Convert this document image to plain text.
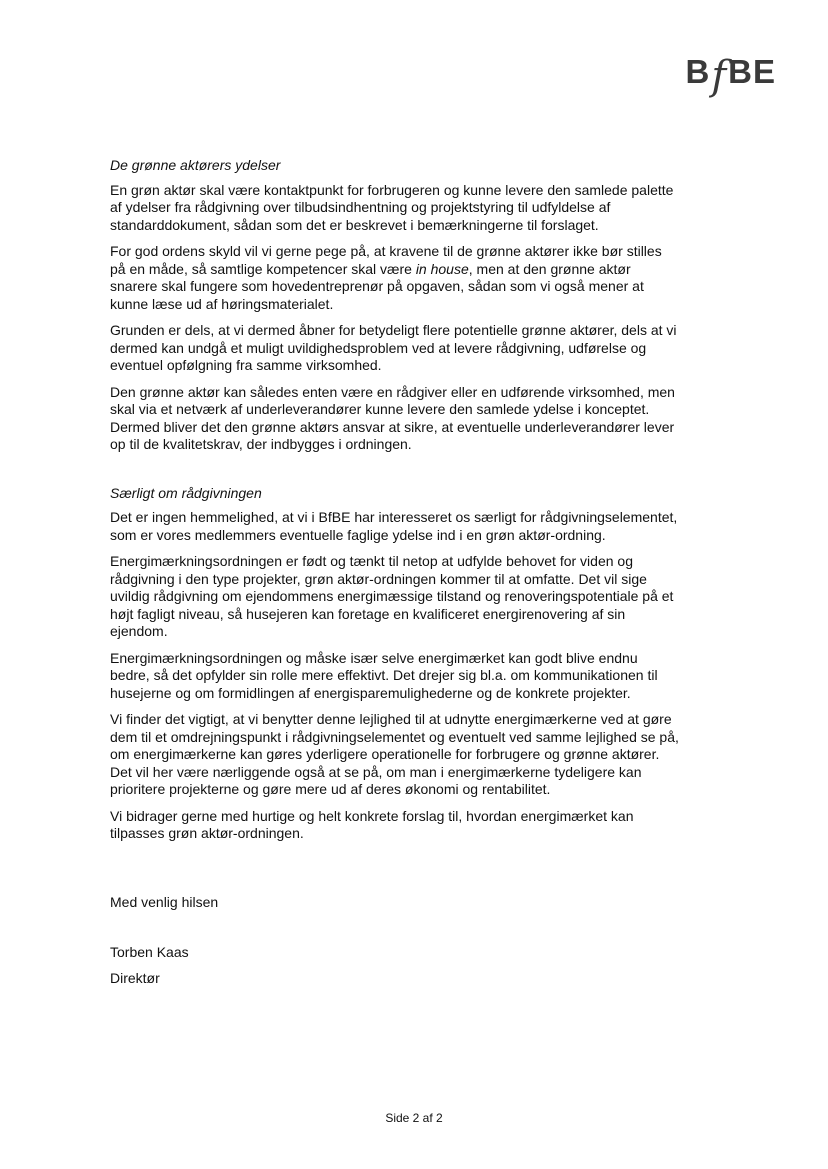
BfBE

De grønne aktørers ydelser

En grøn aktør skal være kontaktpunkt for forbrugeren og kunne levere den samlede palette af ydelser fra rådgivning over tilbudsindhentning og projektstyring til udfyldelse af standarddokument, sådan som det er beskrevet i bemærkningerne til forslaget.

For god ordens skyld vil vi gerne pege på, at kravene til de grønne aktører ikke bør stilles på en måde, så samtlige kompetencer skal være in house, men at den grønne aktør snarere skal fungere som hovedentreprenør på opgaven, sådan som vi også mener at kunne læse ud af høringsmaterialet.

Grunden er dels, at vi dermed åbner for betydeligt flere potentielle grønne aktører, dels at vi dermed kan undgå et muligt uvildighedsproblem ved at levere rådgivning, udførelse og eventuel opfølgning fra samme virksomhed.

Den grønne aktør kan således enten være en rådgiver eller en udførende virksomhed, men skal via et netværk af underleverandører kunne levere den samlede ydelse i konceptet. Dermed bliver det den grønne aktørs ansvar at sikre, at eventuelle underleverandører lever op til de kvalitetskrav, der indbygges i ordningen.

Særligt om rådgivningen

Det er ingen hemmelighed, at vi i BfBE har interesseret os særligt for rådgivningselementet, som er vores medlemmers eventuelle faglige ydelse ind i en grøn aktør-ordning.

Energimærkningsordningen er født og tænkt til netop at udfylde behovet for viden og rådgivning i den type projekter, grøn aktør-ordningen kommer til at omfatte. Det vil sige uvildig rådgivning om ejendommens energimæssige tilstand og renoveringspotentiale på et højt fagligt niveau, så husejeren kan foretage en kvalificeret energirenovering af sin ejendom.

Energimærkningsordningen og måske især selve energimærket kan godt blive endnu bedre, så det opfylder sin rolle mere effektivt. Det drejer sig bl.a. om kommunikationen til husejerne og om formidlingen af energisparemulighederne og de konkrete projekter.

Vi finder det vigtigt, at vi benytter denne lejlighed til at udnytte energimærkerne ved at gøre dem til et omdrejningspunkt i rådgivningselementet og eventuelt ved samme lejlighed se på, om energimærkerne kan gøres yderligere operationelle for forbrugere og grønne aktører. Det vil her være nærliggende også at se på, om man i energimærkerne tydeligere kan prioritere projekterne og gøre mere ud af deres økonomi og rentabilitet.

Vi bidrager gerne med hurtige og helt konkrete forslag til, hvordan energimærket kan tilpasses grøn aktør-ordningen.

Med venlig hilsen

Torben Kaas
Direktør
Side 2 af 2
